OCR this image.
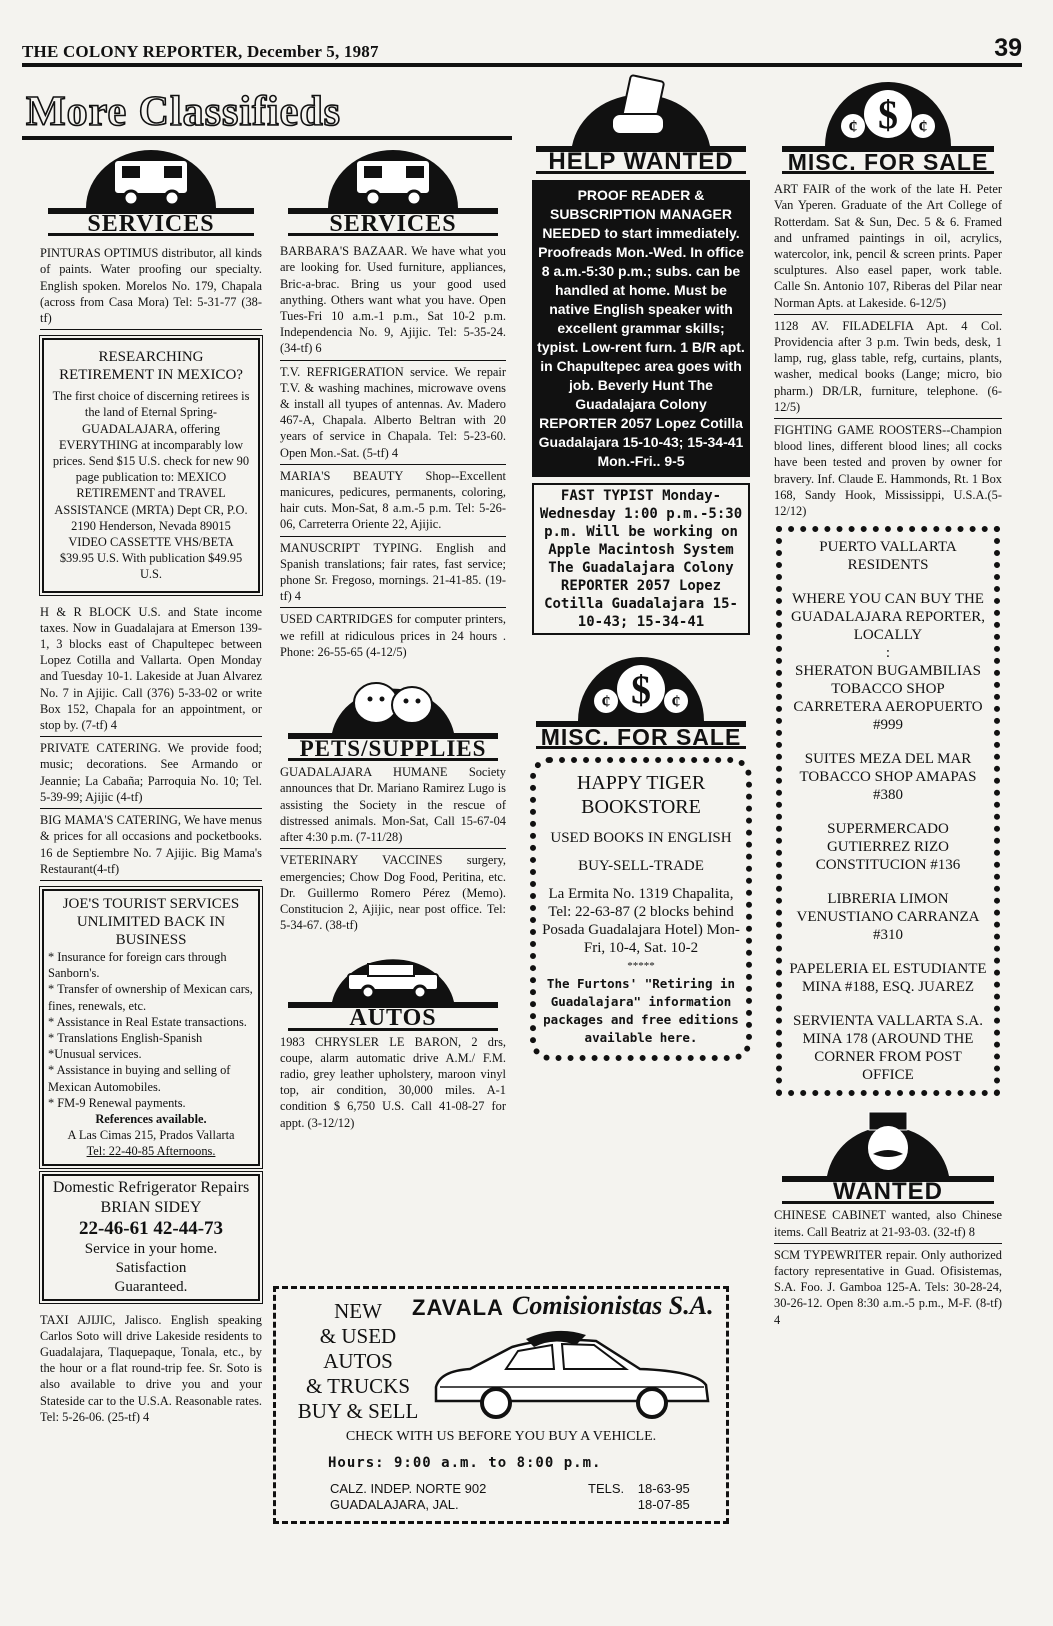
THE COLONY REPORTER, December 5, 1987	39
More Classifieds
SERVICES
PINTURAS OPTIMUS distributor, all kinds of paints. Water proofing our specialty. English spoken. Morelos No. 179, Chapala (across from Casa Mora) Tel: 5-31-77 (38-tf)
RESEARCHING RETIREMENT IN MEXICO?
The first choice of discerning retirees is the land of Eternal Spring-GUADALAJARA, offering EVERYTHING at incomparably low prices. Send $15 U.S. check for new 90 page publication to: MEXICO RETIREMENT and TRAVEL ASSISTANCE (MRTA) Dept CR, P.O. 2190 Henderson, Nevada 89015 VIDEO CASSETTE VHS/BETA $39.95 U.S. With publication $49.95 U.S.
H & R BLOCK U.S. and State income taxes. Now in Guadalajara at Emerson 139-1, 3 blocks east of Chapultepec between Lopez Cotilla and Vallarta. Open Monday and Tuesday 10-1. Lakeside at Juan Alvarez No. 7 in Ajijic. Call (376) 5-33-02 or write Box 152, Chapala for an appointment, or stop by. (7-tf) 4
PRIVATE CATERING. We provide food; music; decorations. See Armando or Jeannie; La Cabaña; Parroquia No. 10; Tel. 5-39-99; Ajijic (4-tf)
BIG MAMA'S CATERING, We have menus & prices for all occasions and pocketbooks. 16 de Septiembre No. 7 Ajijic. Big Mama's Restaurant(4-tf)
JOE'S TOURIST SERVICES UNLIMITED BACK IN BUSINESS
* Insurance for foreign cars through Sanborn's.
* Transfer of ownership of Mexican cars, fines, renewals, etc.
* Assistance in Real Estate transactions.
* Translations English-Spanish
*Unusual services.
* Assistance in buying and selling of Mexican Automobiles.
* FM-9 Renewal payments.
References available.
A Las Cimas 215, Prados Vallarta
Tel: 22-40-85 Afternoons.
Domestic Refrigerator Repairs
BRIAN SIDEY
22-46-61 42-44-73
Service in your home.
Satisfaction
Guaranteed.
TAXI AJIJIC, Jalisco. English speaking Carlos Soto will drive Lakeside residents to Guadalajara, Tlaquepaque, Tonala, etc., by the hour or a flat round-trip fee. Sr. Soto is also available to drive you and your Stateside car to the U.S.A. Reasonable rates. Tel: 5-26-06. (25-tf) 4
SERVICES
BARBARA'S BAZAAR. We have what you are looking for. Used furniture, appliances, Bric-a-brac. Bring us your good used anything. Others want what you have. Open Tues-Fri 10 a.m.-1 p.m., Sat 10-2 p.m. Independencia No. 9, Ajijic. Tel: 5-35-24. (34-tf) 6
T.V. REFRIGERATION service. We repair T.V. & washing machines, microwave ovens & install all tyupes of antennas. Av. Madero 467-A, Chapala. Alberto Beltran with 20 years of service in Chapala. Tel: 5-23-60. Open Mon.-Sat. (5-tf) 4
MARIA'S BEAUTY Shop--Excellent manicures, pedicures, permanents, coloring, hair cuts. Mon-Sat, 8 a.m.-5 p.m. Tel: 5-26-06, Carreterra Oriente 22, Ajijic.
MANUSCRIPT TYPING. English and Spanish translations; fair rates, fast service; phone Sr. Fregoso, mornings. 21-41-85. (19-tf) 4
USED CARTRIDGES for computer printers, we refill at ridiculous prices in 24 hours . Phone: 26-55-65 (4-12/5)
PETS/SUPPLIES
GUADALAJARA HUMANE Society announces that Dr. Mariano Ramirez Lugo is assisting the Society in the rescue of distressed animals. Mon-Sat, Call 15-67-04 after 4:30 p.m. (7-11/28)
VETERINARY VACCINES surgery, emergencies; Chow Dog Food, Peritina, etc. Dr. Guillermo Romero Pérez (Memo). Constitucion 2, Ajijic, near post office. Tel: 5-34-67. (38-tf)
AUTOS
1983 CHRYSLER LE BARON, 2 drs, coupe, alarm automatic drive A.M./ F.M. radio, grey leather upholstery, maroon vinyl top, air condition, 30,000 miles. A-1 condition $ 6,750 U.S. Call 41-08-27 for appt. (3-12/12)
HELP WANTED
PROOF READER & SUBSCRIPTION MANAGER NEEDED to start immediately. Proofreads Mon.-Wed. In office 8 a.m.-5:30 p.m.; subs. can be handled at home. Must be native English speaker with excellent grammar skills; typist. Low-rent furn. 1 B/R apt. in Chapultepec area goes with job. Beverly Hunt The Guadalajara Colony REPORTER 2057 Lopez Cotilla Guadalajara 15-10-43; 15-34-41 Mon.-Fri.. 9-5
FAST TYPIST Monday-Wednesday 1:00 p.m.-5:30 p.m. Will be working on Apple Macintosh System The Guadalajara Colony REPORTER 2057 Lopez Cotilla Guadalajara 15-10-43; 15-34-41
$
¢	¢
MISC. FOR SALE
HAPPY TIGER BOOKSTORE
USED BOOKS IN ENGLISH
BUY-SELL-TRADE
La Ermita No. 1319 Chapalita, Tel: 22-63-87 (2 blocks behind Posada Guadalajara Hotel) Mon-Fri, 10-4, Sat. 10-2
*****
The Furtons' "Retiring in Guadalajara" information packages and free editions available here.
$
¢	¢
MISC. FOR SALE
ART FAIR of the work of the late H. Peter Van Yperen. Graduate of the Art College of Rotterdam. Sat & Sun, Dec. 5 & 6. Framed and unframed paintings in oil, acrylics, watercolor, ink, pencil & screen prints. Paper sculptures. Also easel paper, work table. Calle Sn. Antonio 107, Riberas del Pilar near Norman Apts. at Lakeside. 6-12/5)
1128 AV. FILADELFIA Apt. 4 Col. Providencia after 3 p.m. Twin beds, desk, 1 lamp, rug, glass table, refg, curtains, plants, washer, medical books (Lange; micro, bio pharm.) DR/LR, furniture, telephone. (6-12/5)
FIGHTING GAME ROOSTERS--Champion blood lines, different blood lines; all cocks have been tested and proven by owner for bravery. Inf. Claude E. Hammonds, Rt. 1 Box 168, Sandy Hook, Mississippi, U.S.A.(5-12/12)
PUERTO VALLARTA RESIDENTS
WHERE YOU CAN BUY THE GUADALAJARA REPORTER, LOCALLY
:
SHERATON BUGAMBILIAS TOBACCO SHOP CARRETERA AEROPUERTO #999
SUITES MEZA DEL MAR TOBACCO SHOP AMAPAS #380
SUPERMERCADO GUTIERREZ RIZO CONSTITUCION #136
LIBRERIA LIMON VENUSTIANO CARRANZA #310
PAPELERIA EL ESTUDIANTE MINA #188, ESQ. JUAREZ
SERVIENTA VALLARTA S.A. MINA 178 (AROUND THE CORNER FROM POST OFFICE
WANTED
CHINESE CABINET wanted, also Chinese items. Call Beatriz at 21-93-03. (32-tf) 8
SCM TYPEWRITER repair. Only authorized factory representative in Guad. Ofisistemas, S.A. Foo. J. Gamboa 125-A. Tels: 30-28-24, 30-26-12. Open 8:30 a.m.-5 p.m., M-F. (8-tf) 4
NEW
& USED
AUTOS
& TRUCKS
BUY & SELL
ZAVALA Comisionistas S.A.
CHECK WITH US BEFORE YOU BUY A VEHICLE.
Hours: 9:00 a.m. to 8:00 p.m.
CALZ. INDEP. NORTE 902
GUADALAJARA, JAL.
TELS. 18-63-95
18-07-85
